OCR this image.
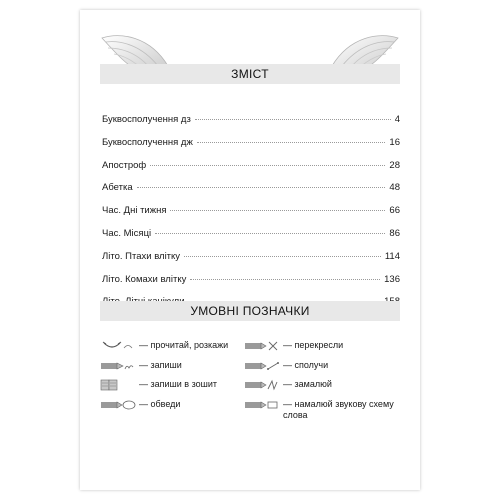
ЗМІСТ
Буквосполучення дз	4
Буквосполучення дж	16
Апостроф	28
Абетка	48
Час. Дні тижня	66
Час. Місяці	86
Літо. Птахи влітку	114
Літо. Комахи влітку	136
УМОВНІ ПОЗНАЧКИ
— прочитай, розкажи
— запиши
— запиши в зошит
— обведи
— перекресли
— сполучи
— замалюй
— намалюй звукову схему слова
